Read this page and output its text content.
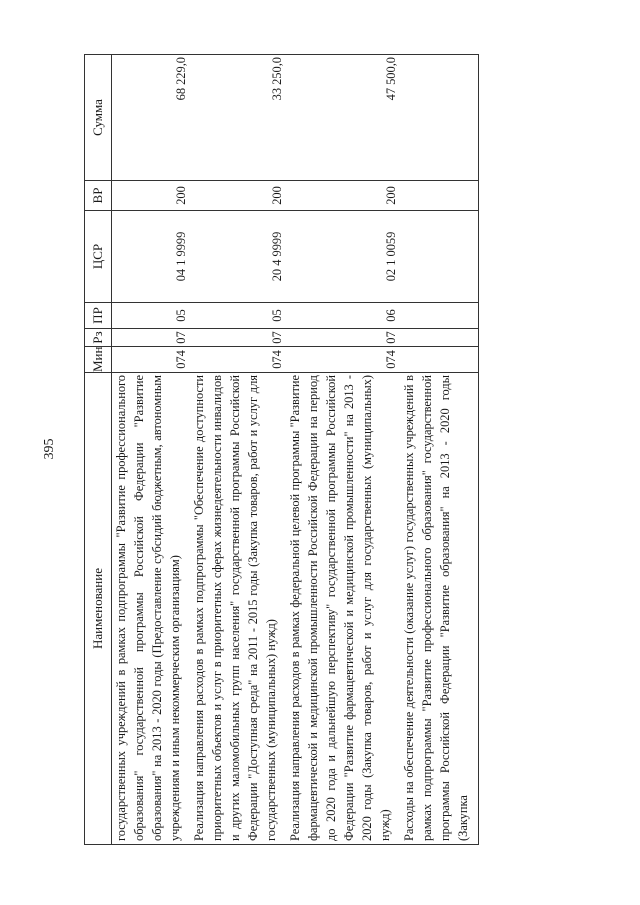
395
Наименование	Мин	Рз	ПР	ЦСР	ВР	Сумма
государственных учреждений в рамках подпрограммы "Развитие профессионального образования" государственной программы Российской Федерации "Развитие образования" на 2013 - 2020 годы (Предоставление субсидий бюджетным, автономным учреждениям и иным некоммерческим организациям)	074	07	05	04 1 9999	200	68 229,0
Реализация направления расходов в рамках подпрограммы "Обеспечение доступности приоритетных объектов и услуг в приоритетных сферах жизнедеятельности инвалидов и других маломобильных групп населения" государственной программы Российской Федерации "Доступная среда" на 2011 - 2015 годы (Закупка товаров, работ и услуг для государственных (муниципальных) нужд)	074	07	05	20 4 9999	200	33 250,0
Реализация направления расходов в рамках федеральной целевой программы "Развитие фармацевтической и медицинской промышленности Российской Федерации на период до 2020 года и дальнейшую перспективу" государственной программы Российской Федерации "Развитие фармацевтической и медицинской промышленности" на 2013 - 2020 годы (Закупка товаров, работ и услуг для государственных (муниципальных) нужд)	074	07	06	02 1 0059	200	47 500,0
Расходы на обеспечение деятельности (оказание услуг) государственных учреждений в рамках подпрограммы "Развитие профессионального образования" государственной программы Российской Федерации "Развитие образования" на 2013 - 2020 годы (Закупка						
